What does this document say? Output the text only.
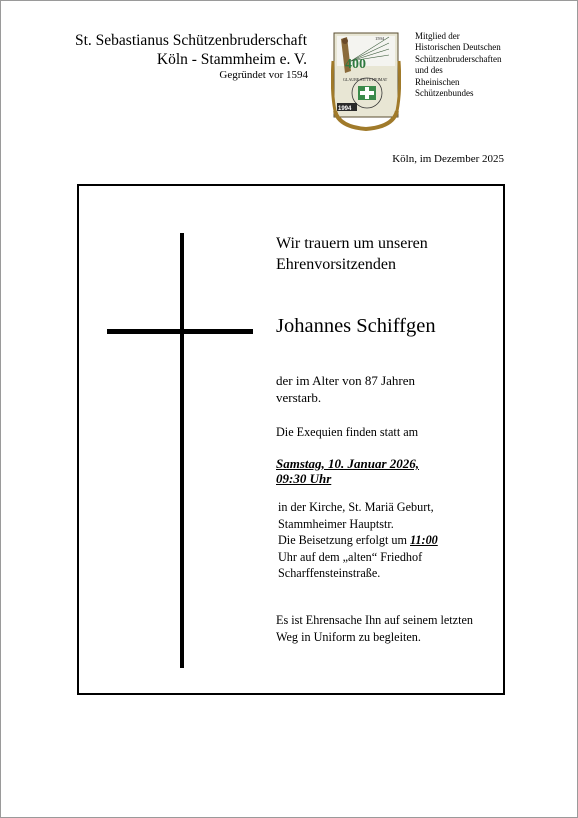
St. Sebastianus Schützenbruderschaft
Köln - Stammheim e. V.
Gegründet vor 1594
1594
400
GLAUBE SITTE HEIMAT
1994
Mitglied der
Historischen Deutschen
Schützenbruderschaften
und des
Rheinischen
Schützenbundes
Köln, im Dezember 2025
Wir trauern um unseren
Ehrenvorsitzenden
Johannes Schiffgen
der im Alter von 87 Jahren
verstarb.
Die Exequien finden statt am
Samstag, 10. Januar 2026,
09:30 Uhr
in der Kirche, St. Mariä Geburt,
Stammheimer Hauptstr.
Die Beisetzung erfolgt um 11:00
Uhr auf dem „alten“ Friedhof
Scharffensteinstraße.
Es ist Ehrensache Ihn auf seinem letzten
Weg in Uniform zu begleiten.
